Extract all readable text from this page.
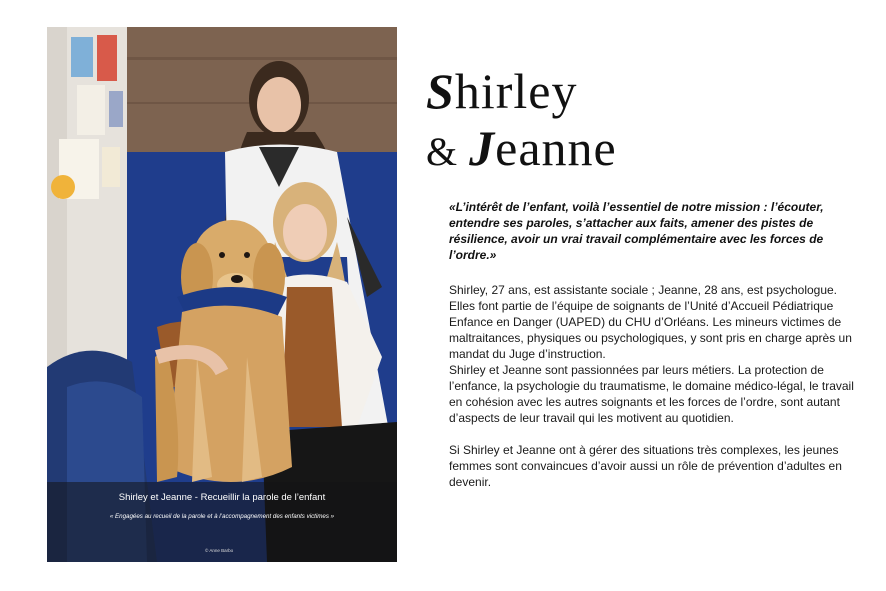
Shirley et Jeanne - Recueillir la parole de l’enfant
« Engagées au recueil de la parole et à l’accompagnement des enfants victimes »
© Anne Barbo
Shirley
& Jeanne
«L’intérêt de l’enfant, voilà l’essentiel de notre mission : l’écouter, entendre ses paroles, s’attacher aux faits, amener des pistes de résilience, avoir un vrai travail complémentaire avec les forces de l’ordre.»

Shirley, 27 ans, est assistante sociale ; Jeanne, 28 ans, est psychologue. Elles font partie de l’équipe de soignants de l’Unité d’Accueil Pédiatrique Enfance en Danger (UAPED) du CHU d’Orléans. Les mineurs victimes de maltraitances, physiques ou psychologiques, y sont pris en charge après un mandat du Juge d’instruction.

Shirley et Jeanne sont passionnées par leurs métiers. La protection de l’enfance, la psychologie du traumatisme, le domaine médico-légal, le travail en cohésion avec les autres soignants et les forces de l’ordre, sont autant d’aspects de leur travail qui les motivent au quotidien.

Si Shirley et Jeanne ont à gérer des situations très complexes, les jeunes femmes sont convaincues d’avoir aussi un rôle de prévention d’adultes en devenir.
